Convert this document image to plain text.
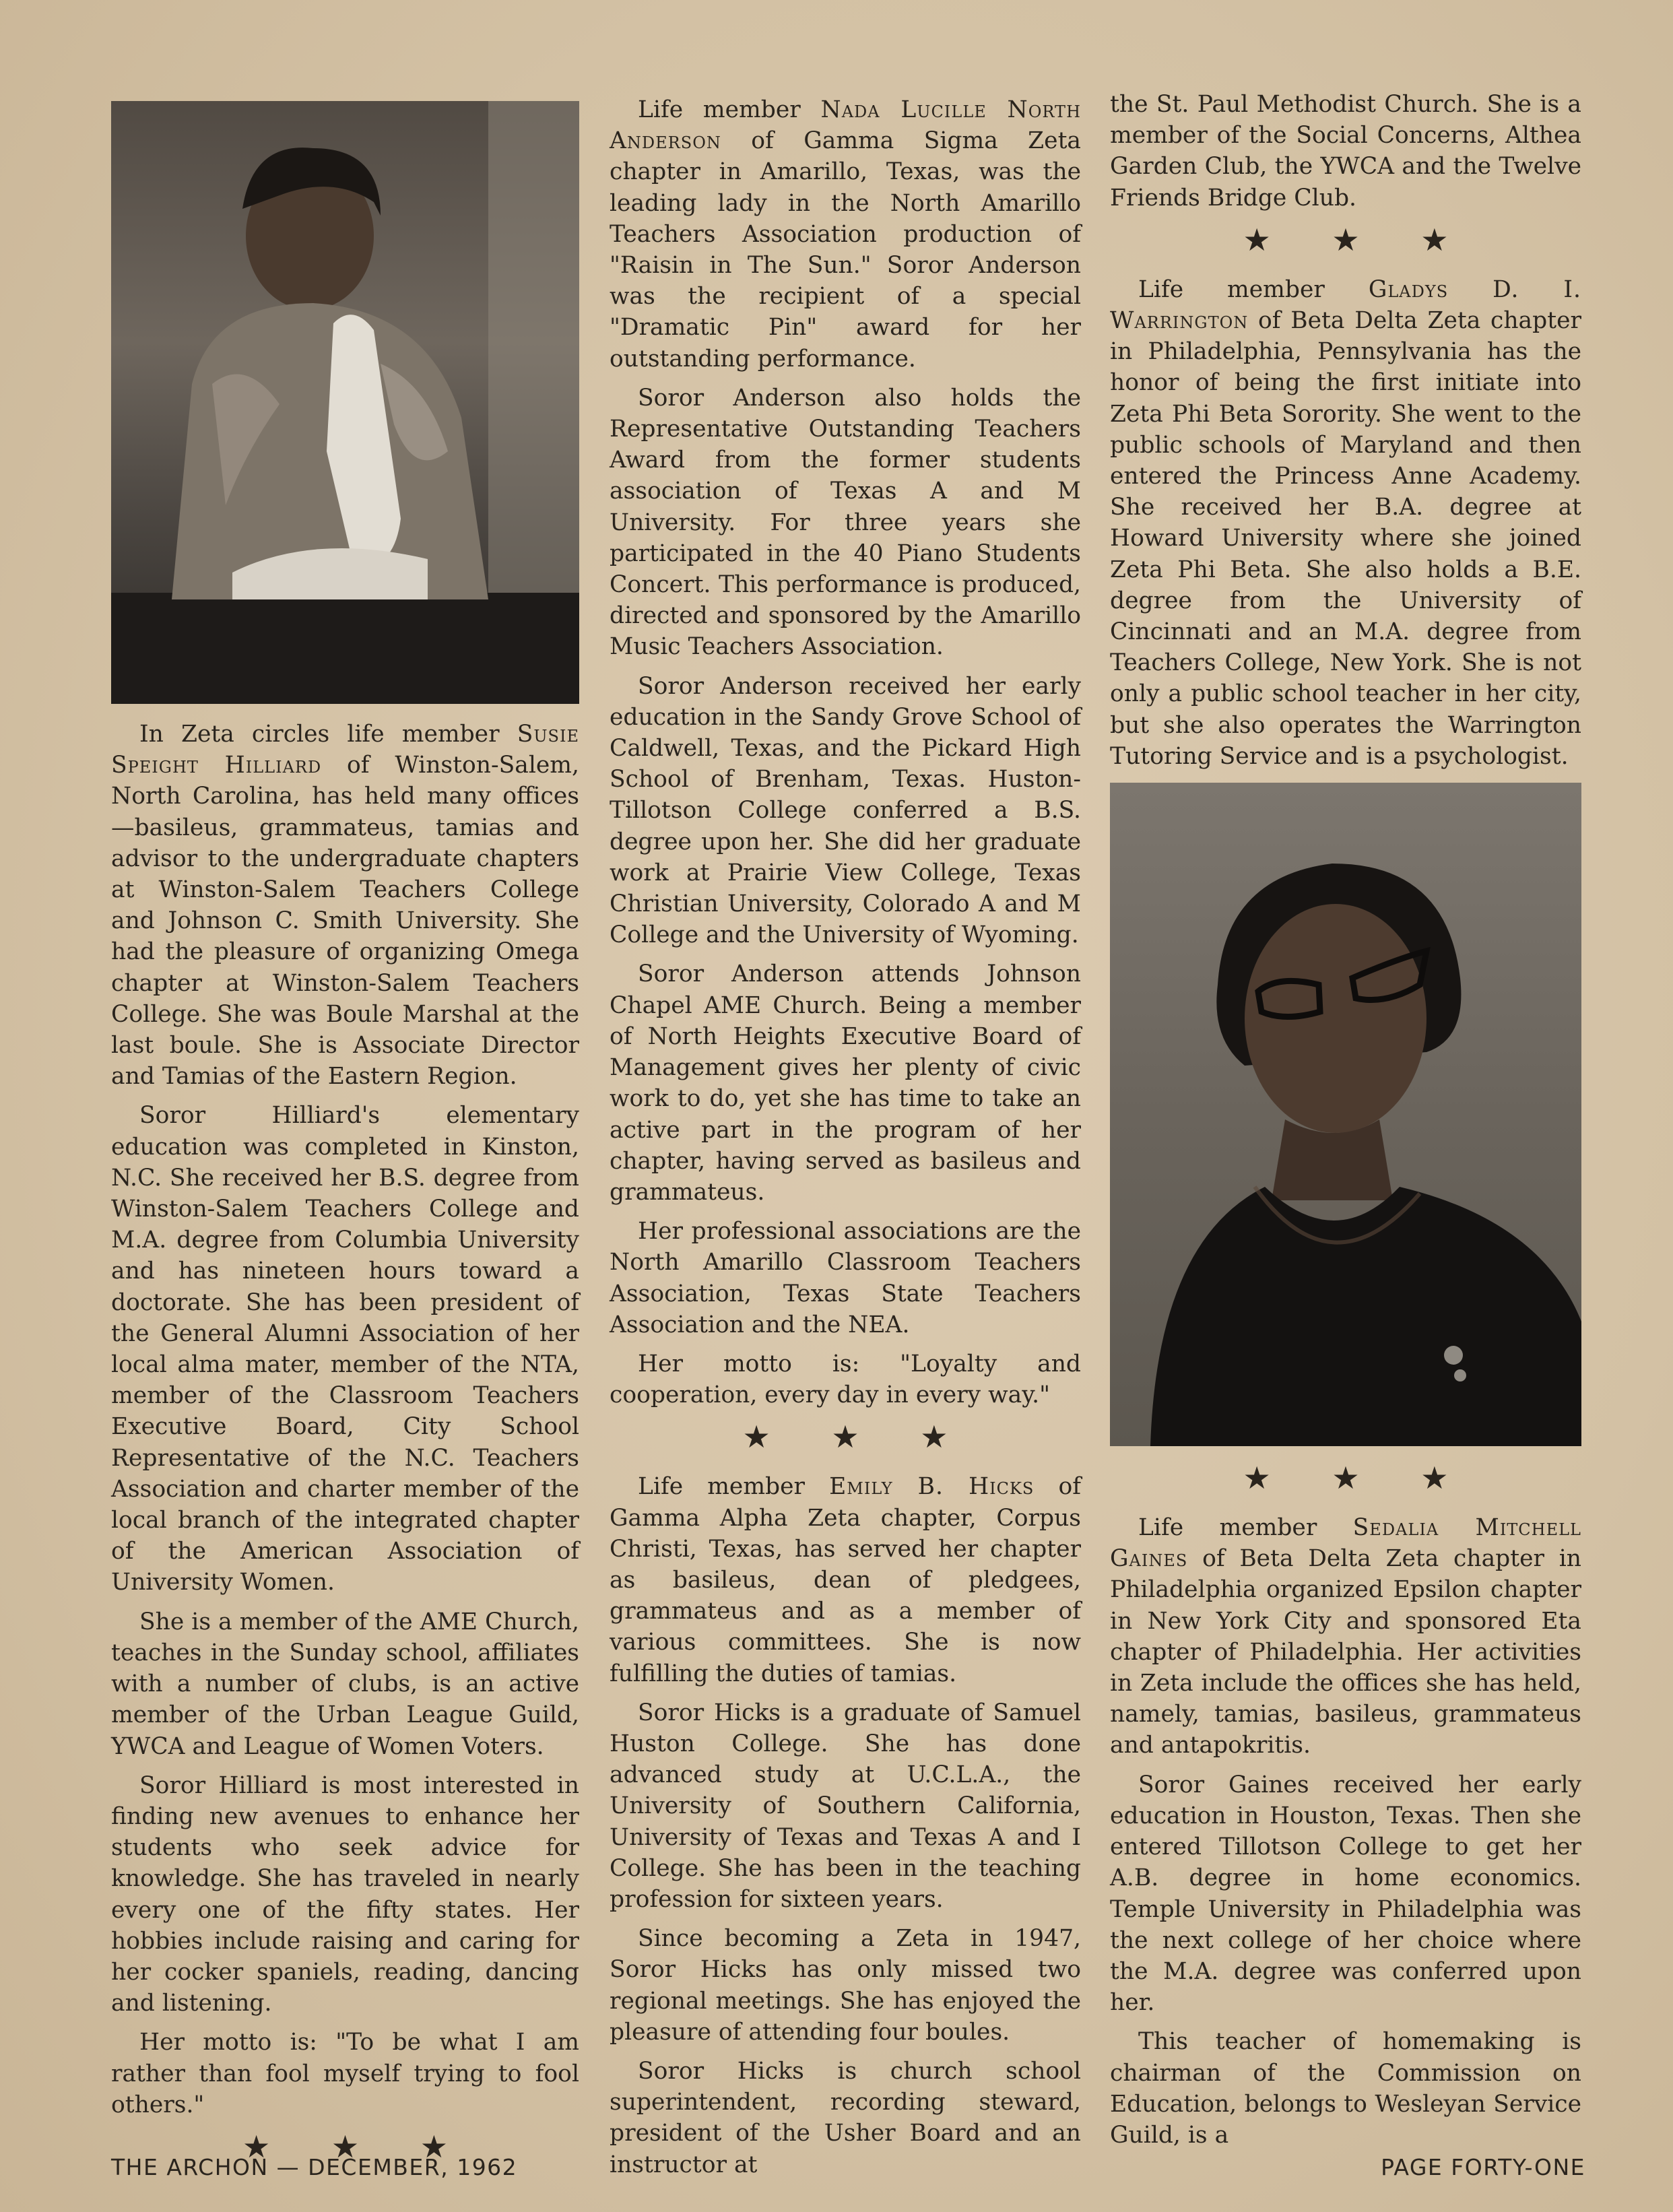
In Zeta circles life member Susie Speight Hilliard of Winston-Salem, North Carolina, has held many offices —basileus, grammateus, tamias and advisor to the undergraduate chapters at Winston-Salem Teachers College and Johnson C. Smith University. She had the pleasure of organizing Omega chapter at Winston-Salem Teachers College. She was Boule Marshal at the last boule. She is Associate Director and Tamias of the Eastern Region.

Soror Hilliard's elementary education was completed in Kinston, N.C. She received her B.S. degree from Winston-Salem Teachers College and M.A. degree from Columbia University and has nineteen hours toward a doctorate. She has been president of the General Alumni Association of her local alma mater, member of the NTA, member of the Classroom Teachers Executive Board, City School Representative of the N.C. Teachers Association and charter member of the local branch of the integrated chapter of the American Association of University Women.

She is a member of the AME Church, teaches in the Sunday school, affiliates with a number of clubs, is an active member of the Urban League Guild, YWCA and League of Women Voters.

Soror Hilliard is most interested in finding new avenues to enhance her students who seek advice for knowledge. She has traveled in nearly every one of the fifty states. Her hobbies include raising and caring for her cocker spaniels, reading, dancing and listening.

Her motto is: "To be what I am rather than fool myself trying to fool others."

★ ★ ★

Life member Nada Lucille North Anderson of Gamma Sigma Zeta chapter in Amarillo, Texas, was the leading lady in the North Amarillo Teachers Association production of "Raisin in The Sun." Soror Anderson was the recipient of a special "Dramatic Pin" award for her outstanding performance.

Soror Anderson also holds the Representative Outstanding Teachers Award from the former students association of Texas A and M University. For three years she participated in the 40 Piano Students Concert. This performance is produced, directed and sponsored by the Amarillo Music Teachers Association.

Soror Anderson received her early education in the Sandy Grove School of Caldwell, Texas, and the Pickard High School of Brenham, Texas. Huston-Tillotson College conferred a B.S. degree upon her. She did her graduate work at Prairie View College, Texas Christian University, Colorado A and M College and the University of Wyoming.

Soror Anderson attends Johnson Chapel AME Church. Being a member of North Heights Executive Board of Management gives her plenty of civic work to do, yet she has time to take an active part in the program of her chapter, having served as basileus and grammateus.

Her professional associations are the North Amarillo Classroom Teachers Association, Texas State Teachers Association and the NEA.

Her motto is: "Loyalty and cooperation, every day in every way."

★ ★ ★

Life member Emily B. Hicks of Gamma Alpha Zeta chapter, Corpus Christi, Texas, has served her chapter as basileus, dean of pledgees, grammateus and as a member of various committees. She is now fulfilling the duties of tamias.

Soror Hicks is a graduate of Samuel Huston College. She has done advanced study at U.C.L.A., the University of Southern California, University of Texas and Texas A and I College. She has been in the teaching profession for sixteen years.

Since becoming a Zeta in 1947, Soror Hicks has only missed two regional meetings. She has enjoyed the pleasure of attending four boules.

Soror Hicks is church school superintendent, recording steward, president of the Usher Board and an instructor at

the St. Paul Methodist Church. She is a member of the Social Concerns, Althea Garden Club, the YWCA and the Twelve Friends Bridge Club.

★ ★ ★

Life member Gladys D. I. Warrington of Beta Delta Zeta chapter in Philadelphia, Pennsylvania has the honor of being the first initiate into Zeta Phi Beta Sorority. She went to the public schools of Maryland and then entered the Princess Anne Academy. She received her B.A. degree at Howard University where she joined Zeta Phi Beta. She also holds a B.E. degree from the University of Cincinnati and an M.A. degree from Teachers College, New York. She is not only a public school teacher in her city, but she also operates the Warrington Tutoring Service and is a psychologist.

★ ★ ★

Life member Sedalia Mitchell Gaines of Beta Delta Zeta chapter in Philadelphia organized Epsilon chapter in New York City and sponsored Eta chapter of Philadelphia. Her activities in Zeta include the offices she has held, namely, tamias, basileus, grammateus and antapokritis.

Soror Gaines received her early education in Houston, Texas. Then she entered Tillotson College to get her A.B. degree in home economics. Temple University in Philadelphia was the next college of her choice where the M.A. degree was conferred upon her.

This teacher of homemaking is chairman of the Commission on Education, belongs to Wesleyan Service Guild, is a

THE ARCHON — DECEMBER, 1962	PAGE FORTY-ONE
